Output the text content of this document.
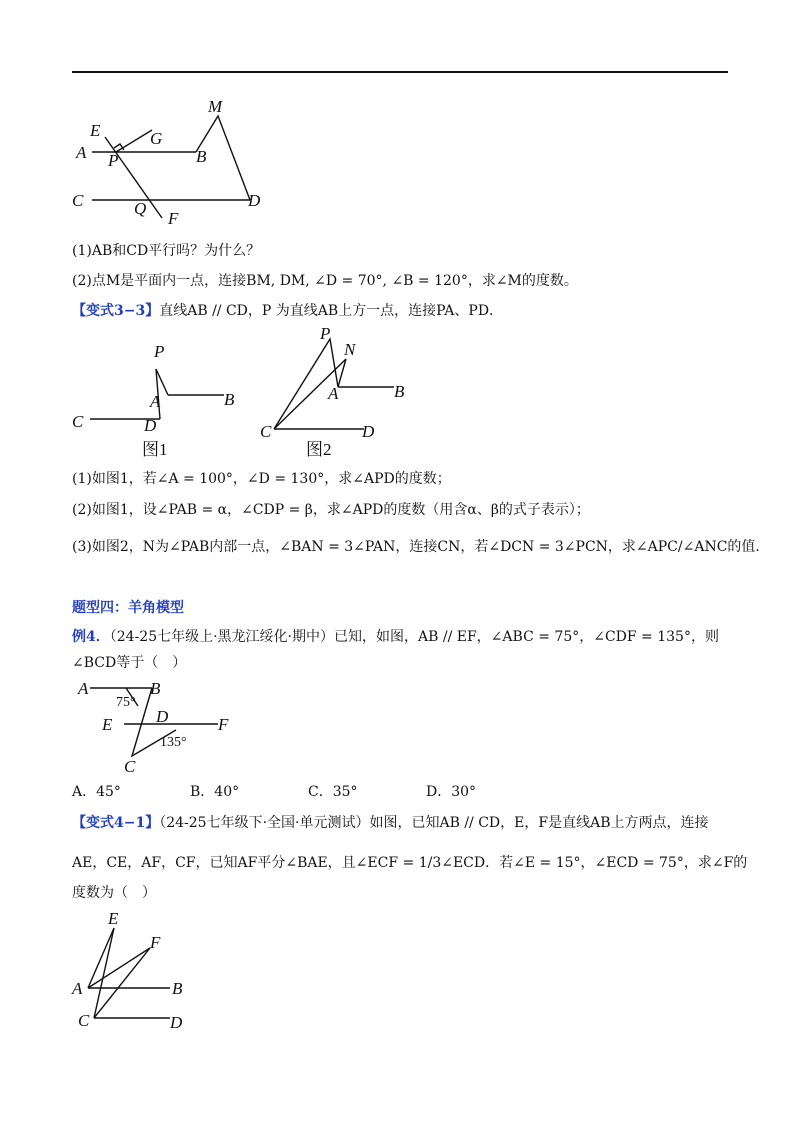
E	G
M
A P	B
C	Q
F
D
(1)AB和CD平行吗？为什么？
(2)点M是平面内一点，连接BM, DM, ∠D = 70°, ∠B = 120°，求∠M的度数。
【变式3−3】直线AB // CD，P 为直线AB上方一点，连接PA、PD．
P
A	B
C	D
图1
P
N
A	B
C	D
图2
(1)如图1，若∠A = 100°，∠D = 130°，求∠APD的度数；
(2)如图1，设∠PAB = α，∠CDP = β，求∠APD的度数（用含α、β的式子表示）；
(3)如图2，N为∠PAB内部一点，∠BAN = 3∠PAN，连接CN，若∠DCN = 3∠PCN，求∠APC/∠ANC的值．
题型四：羊角模型
例4．（24-25七年级上·黑龙江绥化·期中）已知，如图，AB // EF，∠ABC = 75°，∠CDF = 135°，则
∠BCD等于（　）
A	B
E	D	F
C
75°
135°
A．45°	B．40°	C．35°	D．30°
【变式4−1】（24-25七年级下·全国·单元测试）如图，已知AB // CD，E，F是直线AB上方两点，连接
AE，CE，AF，CF，已知AF平分∠BAE，且∠ECF = 1/3∠ECD．若∠E = 15°，∠ECD = 75°，求∠F的
度数为（　）
E
F
A	B
C	D
